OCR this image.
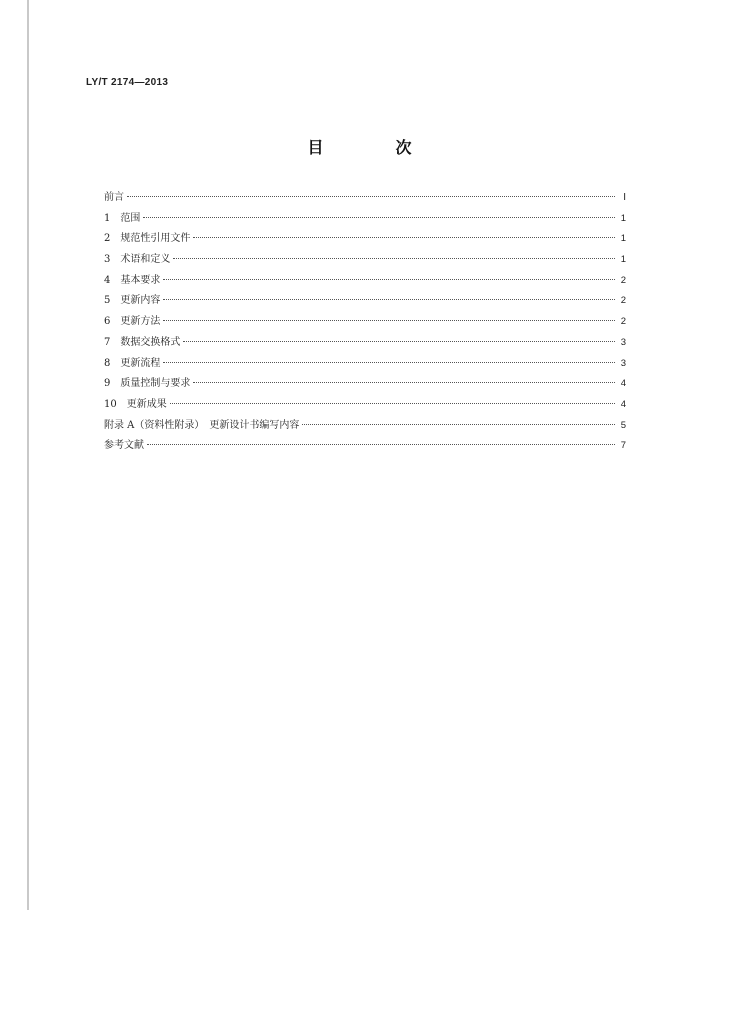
LY/T 2174—2013
目　次
前言	Ⅰ
1　范围	1
2　规范性引用文件	1
3　术语和定义	1
4　基本要求	2
5　更新内容	2
6　更新方法	2
7　数据交换格式	3
8　更新流程	3
9　质量控制与要求	4
10　更新成果	4
附录 A（资料性附录）　更新设计书编写内容	5
参考文献	7
